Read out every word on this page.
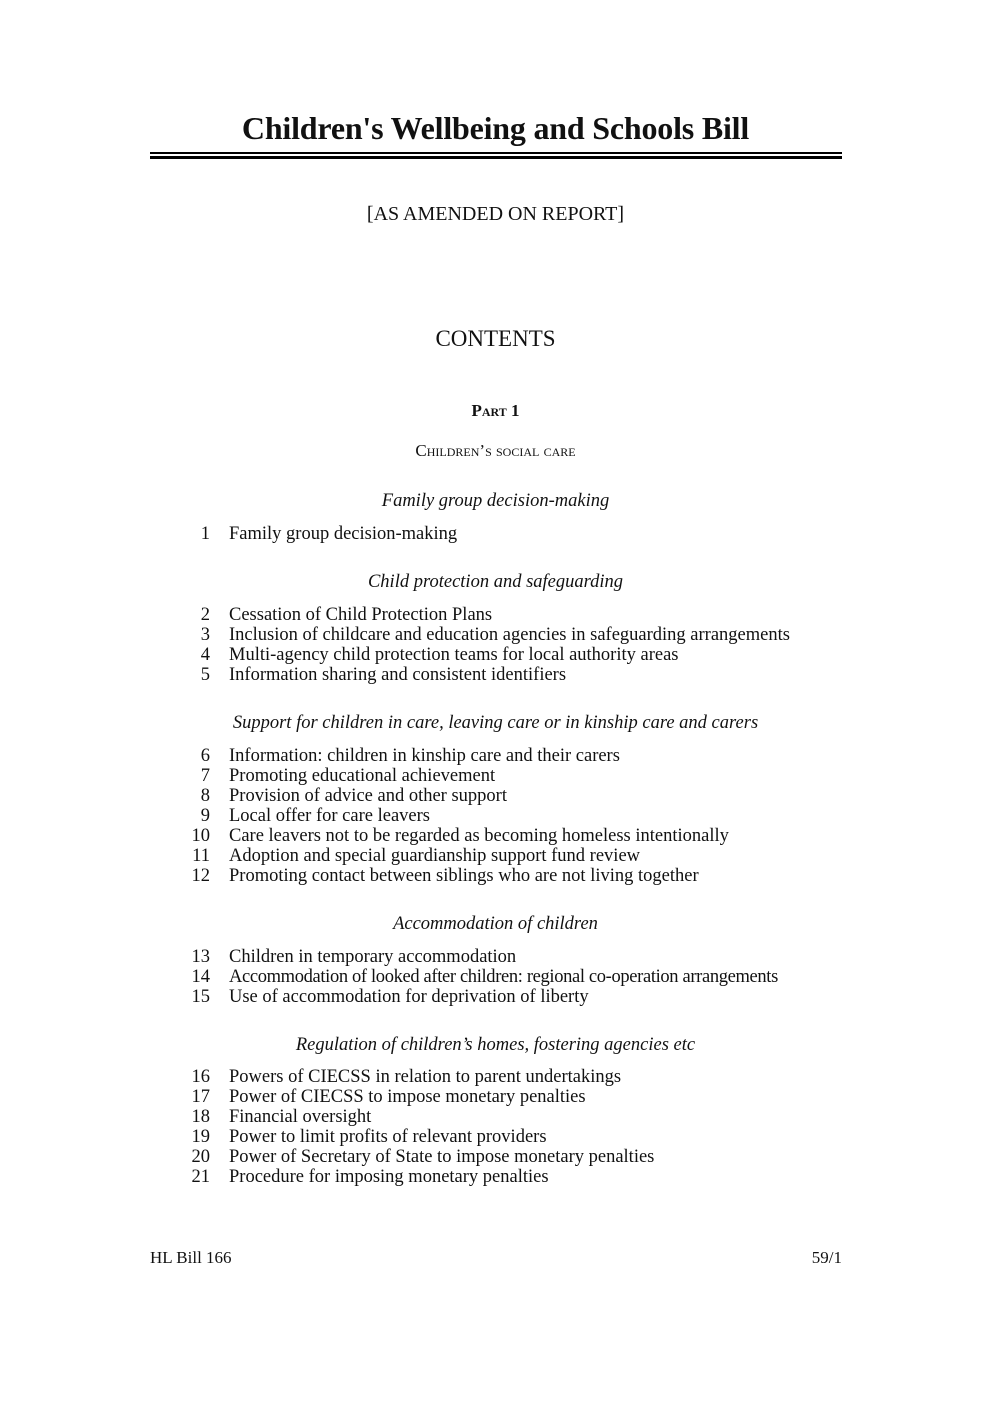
Children's Wellbeing and Schools Bill
[AS AMENDED ON REPORT]
CONTENTS
Part 1
Children’s social care
Family group decision-making
1 Family group decision-making
Child protection and safeguarding
2 Cessation of Child Protection Plans
3 Inclusion of childcare and education agencies in safeguarding arrangements
4 Multi-agency child protection teams for local authority areas
5 Information sharing and consistent identifiers
Support for children in care, leaving care or in kinship care and carers
6 Information: children in kinship care and their carers
7 Promoting educational achievement
8 Provision of advice and other support
9 Local offer for care leavers
10 Care leavers not to be regarded as becoming homeless intentionally
11 Adoption and special guardianship support fund review
12 Promoting contact between siblings who are not living together
Accommodation of children
13 Children in temporary accommodation
14 Accommodation of looked after children: regional co-operation arrangements
15 Use of accommodation for deprivation of liberty
Regulation of children’s homes, fostering agencies etc
16 Powers of CIECSS in relation to parent undertakings
17 Power of CIECSS to impose monetary penalties
18 Financial oversight
19 Power to limit profits of relevant providers
20 Power of Secretary of State to impose monetary penalties
21 Procedure for imposing monetary penalties
HL Bill 166	59/1
